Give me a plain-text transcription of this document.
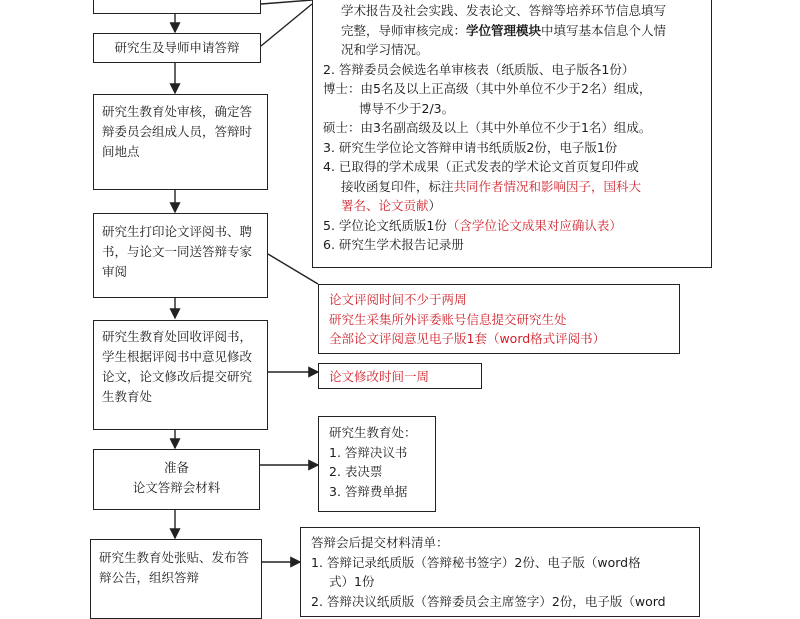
研究生及导师申请答辩
研究生教育处审核，确定答辩委员会组成人员，答辩时间地点
研究生打印论文评阅书、聘书，与论文一同送答辩专家审阅
研究生教育处回收评阅书，学生根据评阅书中意见修改论文，论文修改后提交研究生教育处
准备
论文答辩会材料
研究生教育处张贴、发布答辩公告，组织答辩
学术报告及社会实践、发表论文、答辩等培养环节信息填写
完整，导师审核完成：学位管理模块中填写基本信息个人情
况和学习情况。
2. 答辩委员会候选名单审核表（纸质版、电子版各1份）
博士：由5名及以上正高级（其中外单位不少于2名）组成，
博导不少于2/3。
硕士：由3名副高级及以上（其中外单位不少于1名）组成。
3. 研究生学位论文答辩申请书纸质版2份，电子版1份
4. 已取得的学术成果（正式发表的学术论文首页复印件或
接收函复印件，标注共同作者情况和影响因子，国科大
署名、论文贡献）
5. 学位论文纸质版1份（含学位论文成果对应确认表）
6. 研究生学术报告记录册
论文评阅时间不少于两周
研究生采集所外评委账号信息提交研究生处
全部论文评阅意见电子版1套（word格式评阅书）
论文修改时间一周
研究生教育处：
1. 答辩决议书
2. 表决票
3. 答辩费单据
答辩会后提交材料清单：
1. 答辩记录纸质版（答辩秘书签字）2份、电子版（word格
式）1份
2. 答辩决议纸质版（答辩委员会主席签字）2份，电子版（word
